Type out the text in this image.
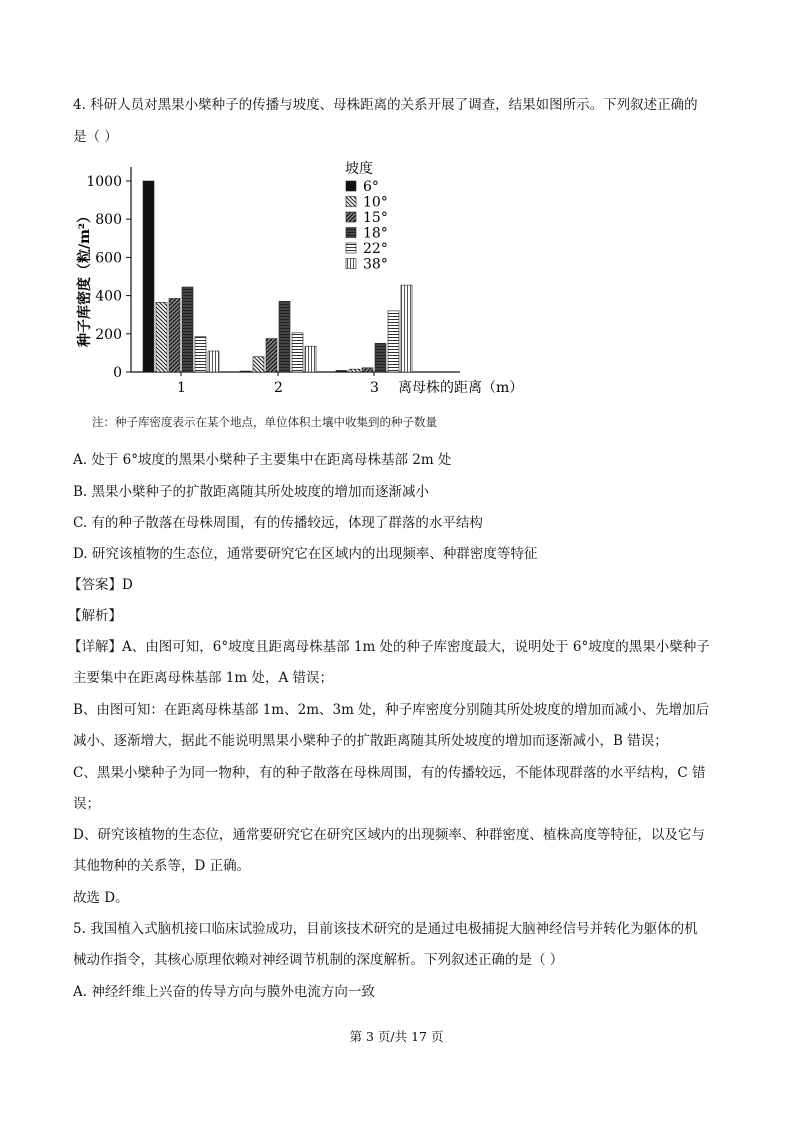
4. 科研人员对黑果小檗种子的传播与坡度、母株距离的关系开展了调查，结果如图所示。下列叙述正确的
是（ ）
0
200
400
600
800
1000
1	2	3
坡度
6°
10°
15°
18°
22°
38°
种子库密度（粒/m²）
离母株的距离（m）
注：种子库密度表示在某个地点，单位体积土壤中收集到的种子数量
A. 处于 6°坡度的黑果小檗种子主要集中在距离母株基部 2m 处
B. 黑果小檗种子的扩散距离随其所处坡度的增加而逐渐减小
C. 有的种子散落在母株周围，有的传播较远，体现了群落的水平结构
D. 研究该植物的生态位，通常要研究它在区域内的出现频率、种群密度等特征
【答案】D
【解析】
【详解】A、由图可知，6°坡度且距离母株基部 1m 处的种子库密度最大，说明处于 6°坡度的黑果小檗种子
主要集中在距离母株基部 1m 处，A 错误；
B、由图可知：在距离母株基部 1m、2m、3m 处，种子库密度分别随其所处坡度的增加而减小、先增加后
减小、逐渐增大，据此不能说明黑果小檗种子的扩散距离随其所处坡度的增加而逐渐减小，B 错误；
C、黑果小檗种子为同一物种，有的种子散落在母株周围，有的传播较远，不能体现群落的水平结构，C 错
误；
D、研究该植物的生态位，通常要研究它在研究区域内的出现频率、种群密度、植株高度等特征，以及它与
其他物种的关系等，D 正确。
故选 D。
5. 我国植入式脑机接口临床试验成功，目前该技术研究的是通过电极捕捉大脑神经信号并转化为躯体的机
械动作指令，其核心原理依赖对神经调节机制的深度解析。下列叙述正确的是（ ）
A. 神经纤维上兴奋的传导方向与膜外电流方向一致
第 3 页/共 17 页
